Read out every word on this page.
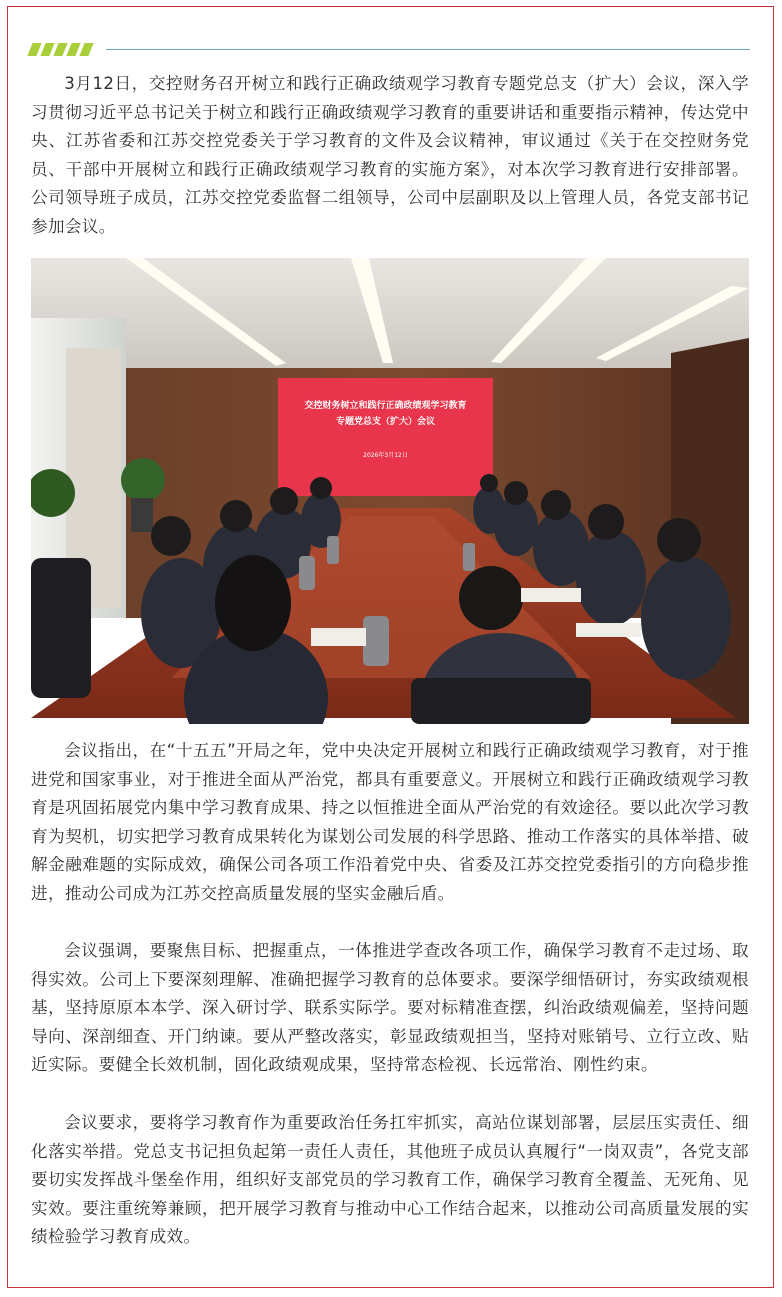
3月12日，交控财务召开树立和践行正确政绩观学习教育专题党总支（扩大）会议，深入学习贯彻习近平总书记关于树立和践行正确政绩观学习教育的重要讲话和重要指示精神，传达党中央、江苏省委和江苏交控党委关于学习教育的文件及会议精神，审议通过《关于在交控财务党员、干部中开展树立和践行正确政绩观学习教育的实施方案》，对本次学习教育进行安排部署。公司领导班子成员，江苏交控党委监督二组领导，公司中层副职及以上管理人员，各党支部书记参加会议。

交控财务树立和践行正确政绩观学习教育
专题党总支（扩大）会议
2026年3月12日

会议指出，在“十五五”开局之年，党中央决定开展树立和践行正确政绩观学习教育，对于推进党和国家事业，对于推进全面从严治党，都具有重要意义。开展树立和践行正确政绩观学习教育是巩固拓展党内集中学习教育成果、持之以恒推进全面从严治党的有效途径。要以此次学习教育为契机，切实把学习教育成果转化为谋划公司发展的科学思路、推动工作落实的具体举措、破解金融难题的实际成效，确保公司各项工作沿着党中央、省委及江苏交控党委指引的方向稳步推进，推动公司成为江苏交控高质量发展的坚实金融后盾。

会议强调，要聚焦目标、把握重点，一体推进学查改各项工作，确保学习教育不走过场、取得实效。公司上下要深刻理解、准确把握学习教育的总体要求。要深学细悟研讨，夯实政绩观根基，坚持原原本本学、深入研讨学、联系实际学。要对标精准查摆，纠治政绩观偏差，坚持问题导向、深剖细查、开门纳谏。要从严整改落实，彰显政绩观担当，坚持对账销号、立行立改、贴近实际。要健全长效机制，固化政绩观成果，坚持常态检视、长远常治、刚性约束。

会议要求，要将学习教育作为重要政治任务扛牢抓实，高站位谋划部署，层层压实责任、细化落实举措。党总支书记担负起第一责任人责任，其他班子成员认真履行“一岗双责”，各党支部要切实发挥战斗堡垒作用，组织好支部党员的学习教育工作，确保学习教育全覆盖、无死角、见实效。要注重统筹兼顾，把开展学习教育与推动中心工作结合起来，以推动公司高质量发展的实绩检验学习教育成效。
